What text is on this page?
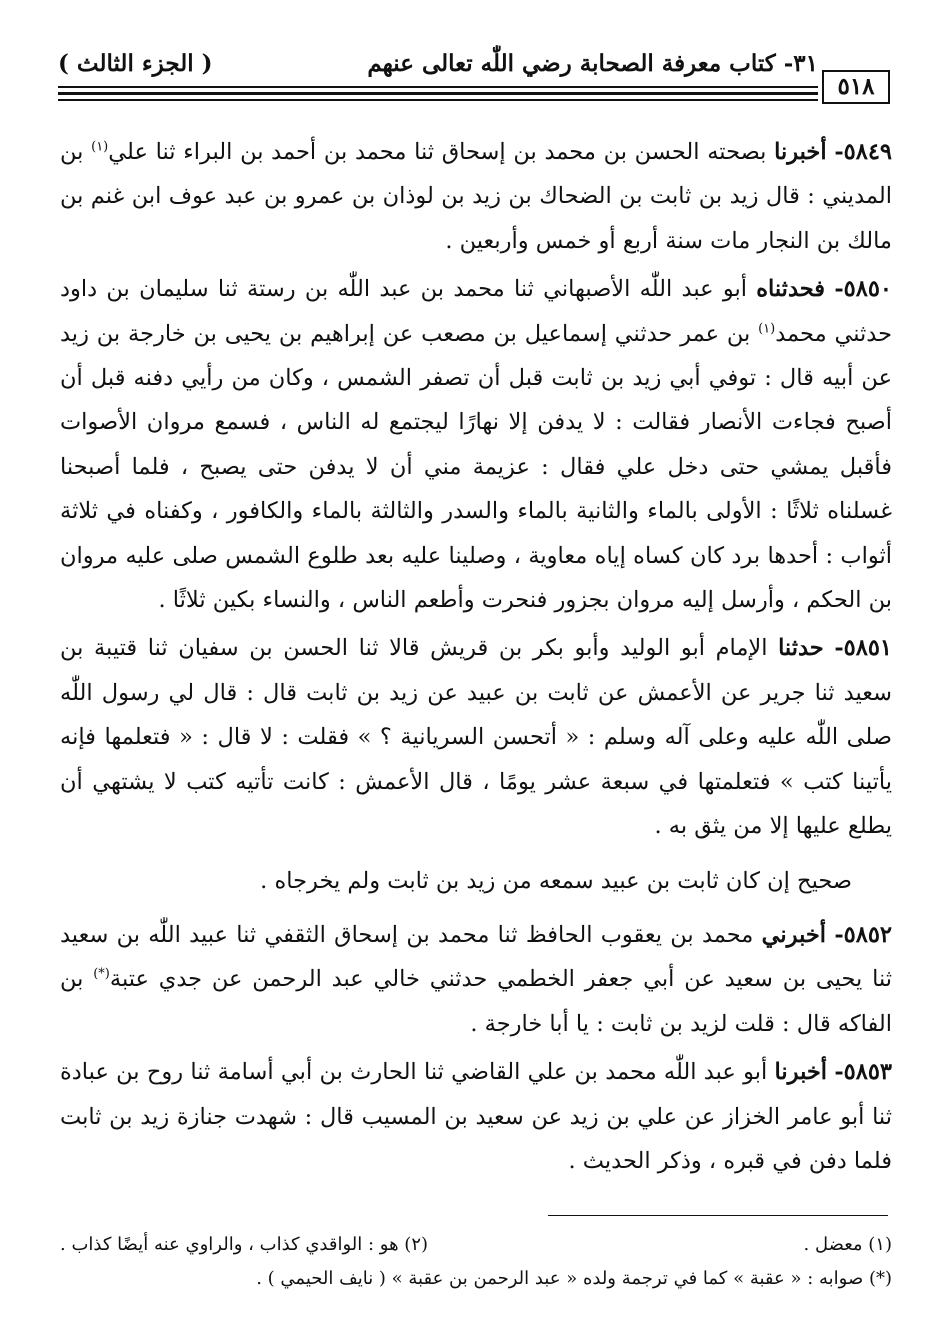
٣١- كتاب معرفة الصحابة رضي اللّٰه تعالى عنهم
( الجزء الثالث )
٥١٨

٥٨٤٩- أخبرنا بصحته الحسن بن محمد بن إسحاق ثنا محمد بن أحمد بن البراء ثنا علي$^{(١)}$ بن المديني : قال زيد بن ثابت بن الضحاك بن زيد بن لوذان بن عمرو بن عبد عوف ابن غنم بن مالك بن النجار مات سنة أربع أو خمس وأربعين .

٥٨٥٠- فحدثناه أبو عبد اللّٰه الأصبهاني ثنا محمد بن عبد اللّٰه بن رستة ثنا سليمان بن داود حدثني محمد$^{(١)}$ بن عمر حدثني إسماعيل بن مصعب عن إبراهيم بن يحيى بن خارجة بن زيد عن أبيه قال : توفي أبي زيد بن ثابت قبل أن تصفر الشمس ، وكان من رأيي دفنه قبل أن أصبح فجاءت الأنصار فقالت : لا يدفن إلا نهارًا ليجتمع له الناس ، فسمع مروان الأصوات فأقبل يمشي حتى دخل علي فقال : عزيمة مني أن لا يدفن حتى يصبح ، فلما أصبحنا غسلناه ثلاثًا : الأولى بالماء والثانية بالماء والسدر والثالثة بالماء والكافور ، وكفناه في ثلاثة أثواب : أحدها برد كان كساه إياه معاوية ، وصلينا عليه بعد طلوع الشمس صلى عليه مروان بن الحكم ، وأرسل إليه مروان بجزور فنحرت وأطعم الناس ، والنساء بكين ثلاثًا .

٥٨٥١- حدثنا الإمام أبو الوليد وأبو بكر بن قريش قالا ثنا الحسن بن سفيان ثنا قتيبة بن سعيد ثنا جرير عن الأعمش عن ثابت بن عبيد عن زيد بن ثابت قال : قال لي رسول اللّٰه صلى اللّٰه عليه وعلى آله وسلم : « أتحسن السريانية ؟ » فقلت : لا قال : « فتعلمها فإنه يأتينا كتب » فتعلمتها في سبعة عشر يومًا ، قال الأعمش : كانت تأتيه كتب لا يشتهي أن يطلع عليها إلا من يثق به .

صحيح إن كان ثابت بن عبيد سمعه من زيد بن ثابت ولم يخرجاه .

٥٨٥٢- أخبرني محمد بن يعقوب الحافظ ثنا محمد بن إسحاق الثقفي ثنا عبيد اللّٰه بن سعيد ثنا يحيى بن سعيد عن أبي جعفر الخطمي حدثني خالي عبد الرحمن عن جدي عتبة(*) بن الفاكه قال : قلت لزيد بن ثابت : يا أبا خارجة .

٥٨٥٣- أخبرنا أبو عبد اللّٰه محمد بن علي القاضي ثنا الحارث بن أبي أسامة ثنا روح بن عبادة ثنا أبو عامر الخزاز عن علي بن زيد عن سعيد بن المسيب قال : شهدت جنازة زيد بن ثابت فلما دفن في قبره ، وذكر الحديث .

(١) معضل .
(٢) هو : الواقدي كذاب ، والراوي عنه أيضًا كذاب .
(*) صوابه : « عقبة » كما في ترجمة ولده « عبد الرحمن بن عقبة » ( نايف الحيمي ) .
